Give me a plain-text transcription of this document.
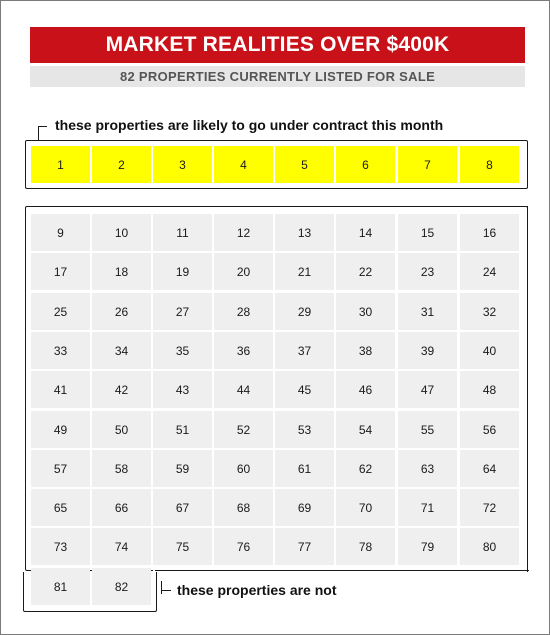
MARKET REALITIES OVER $400K
82 PROPERTIES CURRENTLY LISTED FOR SALE
these properties are likely to go under contract this month
these properties are not
1	2	3	4	5	6	7	8
9	10	11	12	13	14	15	16
17	18	19	20	21	22	23	24
25	26	27	28	29	30	31	32
33	34	35	36	37	38	39	40
41	42	43	44	45	46	47	48
49	50	51	52	53	54	55	56
57	58	59	60	61	62	63	64
65	66	67	68	69	70	71	72
73	74	75	76	77	78	79	80
81	82
